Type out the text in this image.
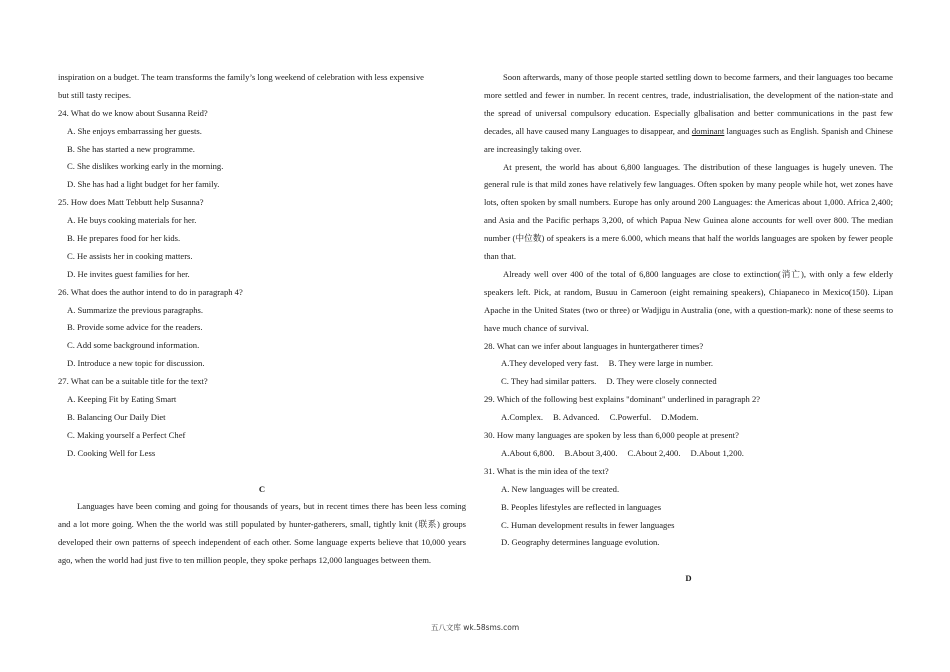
inspiration on a budget. The team transforms the family’s long weekend of celebration with less expensive
but still tasty recipes.
24. What do we know about Susanna Reid?
A. She enjoys embarrassing her guests.
B. She has started a new programme.
C. She dislikes working early in the morning.
D. She has had a light budget for her family.
25. How does Matt Tebbutt help Susanna?
A. He buys cooking materials for her.
B. He prepares food for her kids.
C. He assists her in cooking matters.
D. He invites guest families for her.
26. What does the author intend to do in paragraph 4?
A. Summarize the previous paragraphs.
B. Provide some advice for the readers.
C. Add some background information.
D. Introduce a new topic for discussion.
27. What can be a suitable title for the text?
A. Keeping Fit by Eating Smart
B. Balancing Our Daily Diet
C. Making yourself a Perfect Chef
D. Cooking Well for Less
C

Languages have been coming and going for thousands of years, but in recent times there has been less coming and a lot more going. When the the world was still populated by hunter-gatherers, small, tightly knit (联系) groups developed their own patterns of speech independent of each other. Some language experts believe that 10,000 years ago, when the world had just five to ten million people, they spoke perhaps 12,000 languages between them.

Soon afterwards, many of those people started settling down to become farmers, and their languages too became more settled and fewer in number. In recent centres, trade, industrialisation, the development of the nation-state and the spread of universal compulsory education. Especially glbalisation and better communications in the past few decades, all have caused many Languages to disappear, and dominant languages such as English. Spanish and Chinese are increasingly taking over.

At present, the world has about 6,800 languages. The distribution of these languages is hugely uneven. The general rule is that mild zones have relatively few languages. Often spoken by many people while hot, wet zones have lots, often spoken by small numbers. Europe has only around 200 Languages: the Americas about 1,000. Africa 2,400; and Asia and the Pacific perhaps 3,200, of which Papua New Guinea alone accounts for well over 800. The median number (中位数) of speakers is a mere 6.000, which means that half the worlds languages are spoken by fewer people than that.

Already well over 400 of the total of 6,800 languages are close to extinction(消亡), with only a few elderly speakers left. Pick, at random, Busuu in Cameroon (eight remaining speakers), Chiapaneco in Mexico(150). Lipan Apache in the United States (two or three) or Wadjigu in Australia (one, with a question-mark): none of these seems to have much chance of survival.

28. What can we infer about languages in huntergatherer times?
A.They developed very fast. B. They were large in number.
C. They had similar patters. D. They were closely connected
29. Which of the following best explains "dominant" underlined in paragraph 2?
A.Complex. B. Advanced. C.Powerful. D.Modem.
30. How many languages are spoken by less than 6,000 people at present?
A.About 6,800. B.About 3,400. C.About 2,400. D.About 1,200.
31. What is the min idea of the text?
A. New languages will be created.
B. Peoples lifestyles are reflected in languages
C. Human development results in fewer languages
D. Geography determines language evolution.
D
五八文库 wk.58sms.com
